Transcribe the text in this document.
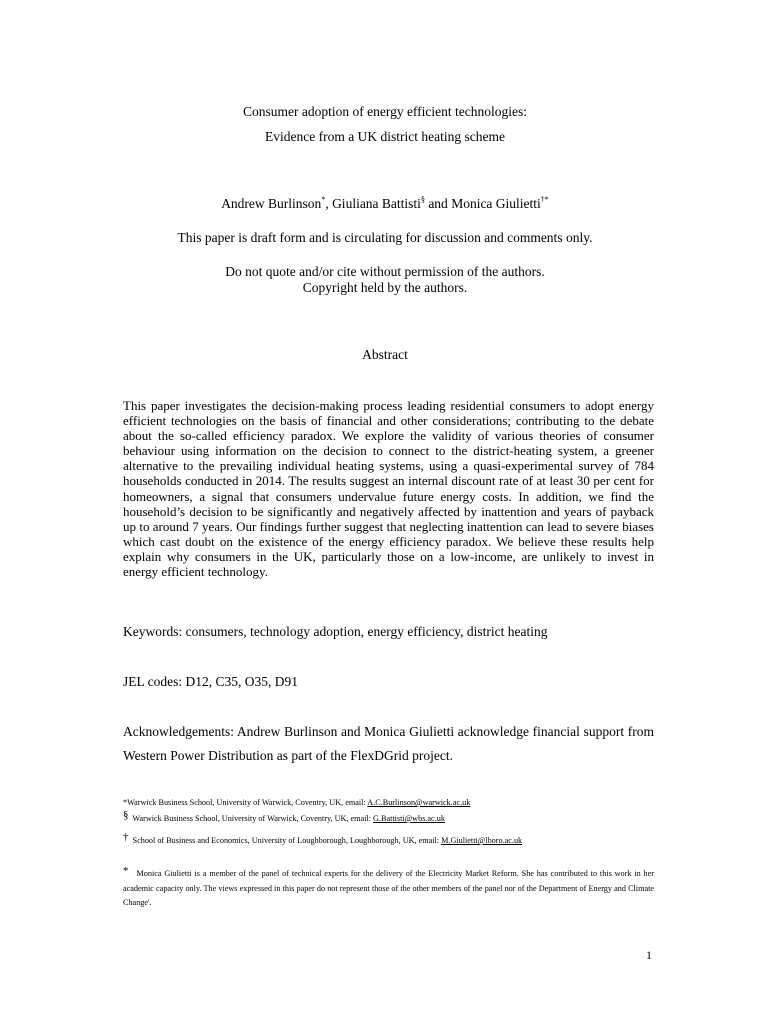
Consumer adoption of energy efficient technologies:

Evidence from a UK district heating scheme

Andrew Burlinson*, Giuliana Battisti§ and Monica Giulietti†*

This paper is draft form and is circulating for discussion and comments only.

Do not quote and/or cite without permission of the authors.

Copyright held by the authors.

Abstract

This paper investigates the decision-making process leading residential consumers to adopt energy efficient technologies on the basis of financial and other considerations; contributing to the debate about the so-called efficiency paradox. We explore the validity of various theories of consumer behaviour using information on the decision to connect to the district-heating system, a greener alternative to the prevailing individual heating systems, using a quasi-experimental survey of 784 households conducted in 2014. The results suggest an internal discount rate of at least 30 per cent for homeowners, a signal that consumers undervalue future energy costs. In addition, we find the household’s decision to be significantly and negatively affected by inattention and years of payback up to around 7 years. Our findings further suggest that neglecting inattention can lead to severe biases which cast doubt on the existence of the energy efficiency paradox. We believe these results help explain why consumers in the UK, particularly those on a low-income, are unlikely to invest in energy efficient technology.

Keywords: consumers, technology adoption, energy efficiency, district heating

JEL codes: D12, C35, O35, D91

Acknowledgements: Andrew Burlinson and Monica Giulietti acknowledge financial support from Western Power Distribution as part of the FlexDGrid project.

*Warwick Business School, University of Warwick, Coventry, UK, email: A.C.Burlinson@warwick.ac.uk

§ Warwick Business School, University of Warwick, Coventry, UK, email: G.Battisti@wbs.ac.uk

† School of Business and Economics, University of Loughborough, Loughborough, UK, email: M.Giulietti@lboro.ac.uk

* Monica Giulietti is a member of the panel of technical experts for the delivery of the Electricity Market Reform. She has contributed to this work in her academic capacity only. The views expressed in this paper do not represent those of the other members of the panel nor of the Department of Energy and Climate Change'.

1
